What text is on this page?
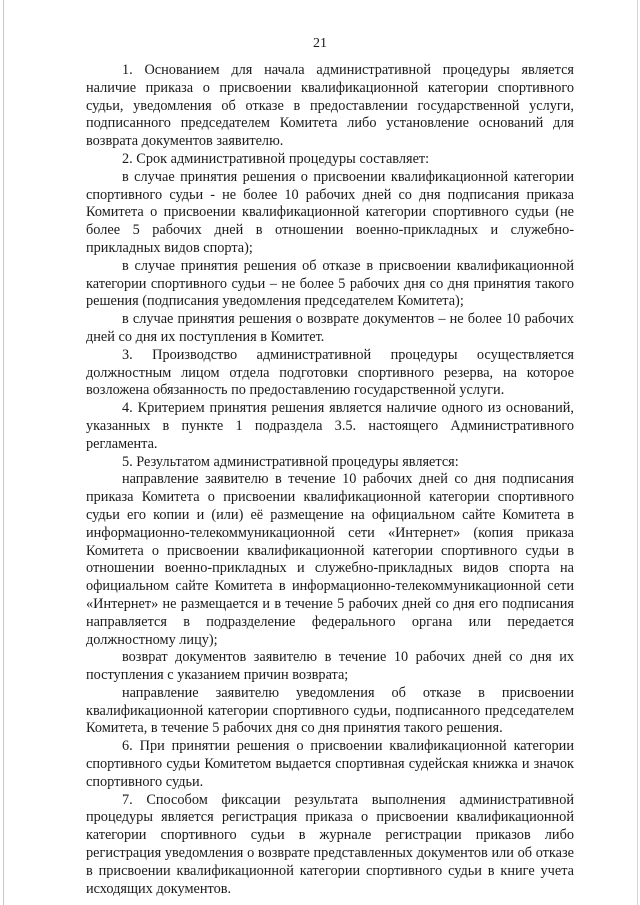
21

1. Основанием для начала административной процедуры является наличие приказа о присвоении квалификационной категории спортивного судьи, уведомления об отказе в предоставлении государственной услуги, подписанного председателем Комитета либо установление оснований для возврата документов заявителю.

2. Срок административной процедуры составляет:

в случае принятия решения о присвоении квалификационной категории спортивного судьи - не более 10 рабочих дней со дня подписания приказа Комитета о присвоении квалификационной категории спортивного судьи (не более 5 рабочих дней в отношении военно-прикладных и служебно-прикладных видов спорта);

в случае принятия решения об отказе в присвоении квалификационной категории спортивного судьи – не более 5 рабочих дня со дня принятия такого решения (подписания уведомления председателем Комитета);

в случае принятия решения о возврате документов – не более 10 рабочих дней со дня их поступления в Комитет.

3. Производство административной процедуры осуществляется должностным лицом отдела подготовки спортивного резерва, на которое возложена обязанность по предоставлению государственной услуги.

4. Критерием принятия решения является наличие одного из оснований, указанных в пункте 1 подраздела 3.5. настоящего Административного регламента.

5. Результатом административной процедуры является:

направление заявителю в течение 10 рабочих дней со дня подписания приказа Комитета о присвоении квалификационной категории спортивного судьи его копии и (или) её размещение на официальном сайте Комитета в информационно-телекоммуникационной сети «Интернет» (копия приказа Комитета о присвоении квалификационной категории спортивного судьи в отношении военно-прикладных и служебно-прикладных видов спорта на официальном сайте Комитета в информационно-телекоммуникационной сети «Интернет» не размещается и в течение 5 рабочих дней со дня его подписания направляется в подразделение федерального органа или передается должностному лицу);

возврат документов заявителю в течение 10 рабочих дней со дня их поступления с указанием причин возврата;

направление заявителю уведомления об отказе в присвоении квалификационной категории спортивного судьи, подписанного председателем Комитета, в течение 5 рабочих дня со дня принятия такого решения.

6. При принятии решения о присвоении квалификационной категории спортивного судьи Комитетом выдается спортивная судейская книжка и значок спортивного судьи.

7. Способом фиксации результата выполнения административной процедуры является регистрация приказа о присвоении квалификационной категории спортивного судьи в журнале регистрации приказов либо регистрация уведомления о возврате представленных документов или об отказе в присвоении квалификационной категории спортивного судьи в книге учета исходящих документов.
